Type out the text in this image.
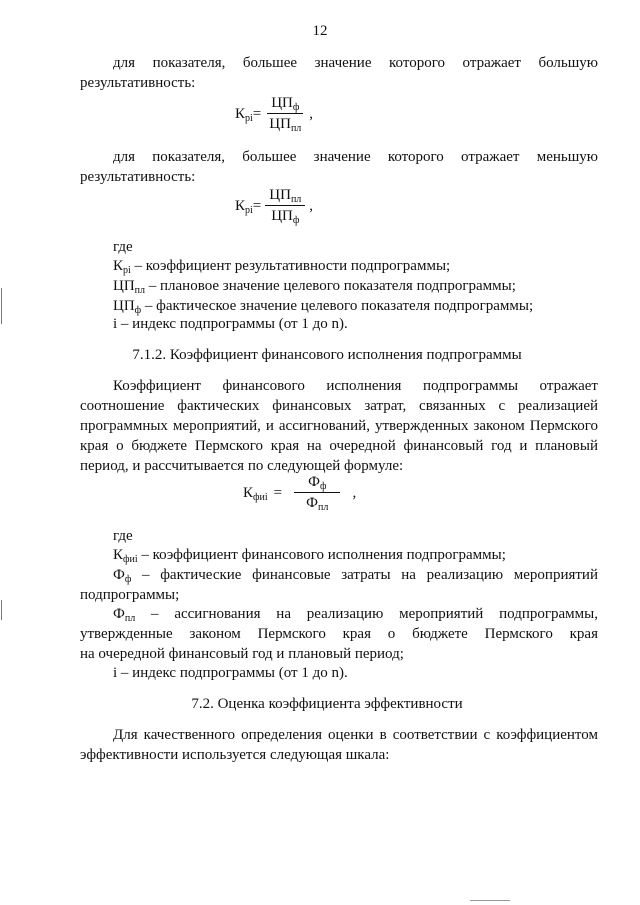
12
для показателя, большее значение которого отражает большую
результативность:
$К_{рi} = \frac{ЦП_ф}{ЦП_{пл}}$ ,
для показателя, большее значение которого отражает меньшую
результативность:
$К_{рi} = \frac{ЦП_{пл}}{ЦП_ф}$ ,
где
$К_{рi}$ – коэффициент результативности подпрограммы;
$ЦП_{пл}$ – плановое значение целевого показателя подпрограммы;
$ЦП_ф$ – фактическое значение целевого показателя подпрограммы;
i – индекс подпрограммы (от 1 до n).
7.1.2. Коэффициент финансового исполнения подпрограммы
Коэффициент финансового исполнения подпрограммы отражает
соотношение фактических финансовых затрат, связанных с реализацией
программных мероприятий, и ассигнований, утвержденных законом Пермского
края о бюджете Пермского края на очередной финансовый год и плановый
период, и рассчитывается по следующей формуле:
$К_{фиi} = \frac{Ф_ф}{Ф_{пл}}$ ,
где
$К_{фиi}$ – коэффициент финансового исполнения подпрограммы;
$Ф_ф$ – фактические финансовые затраты на реализацию мероприятий
подпрограммы;
$Ф_{пл}$ – ассигнования на реализацию мероприятий подпрограммы,
утвержденные законом Пермского края о бюджете Пермского края
на очередной финансовый год и плановый период;
i – индекс подпрограммы (от 1 до n).
7.2. Оценка коэффициента эффективности
Для качественного определения оценки в соответствии с коэффициентом
эффективности используется следующая шкала:
